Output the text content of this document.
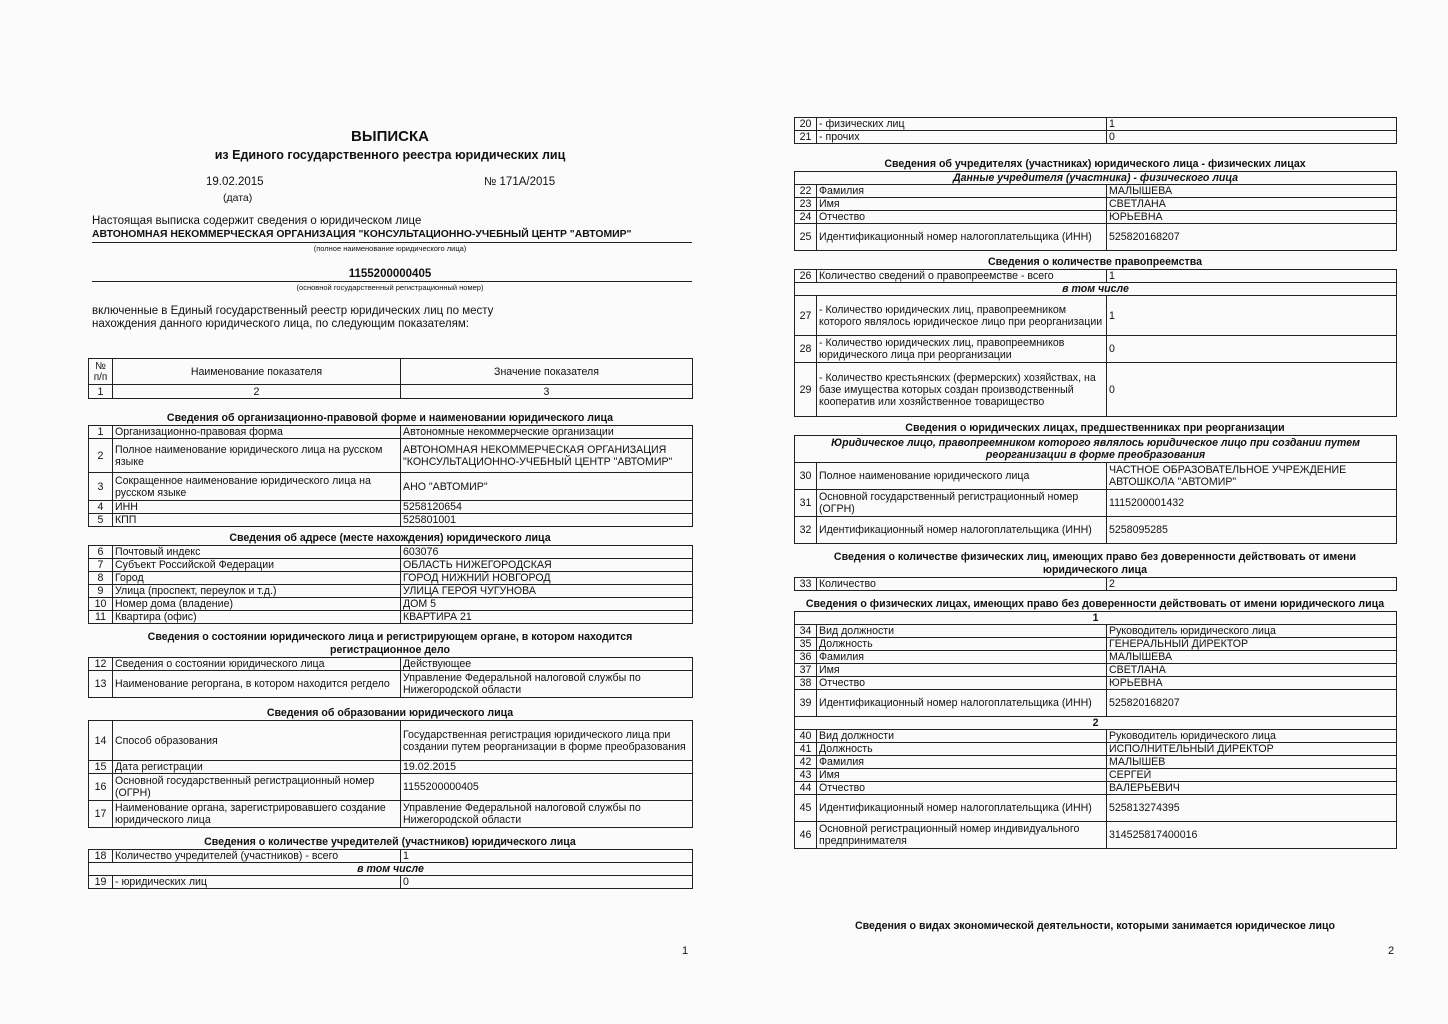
ВЫПИСКА
из Единого государственного реестра юридических лиц
19.02.2015
(дата)
№ 171А/2015
Настоящая выписка содержит сведения о юридическом лице
АВТОНОМНАЯ НЕКОММЕРЧЕСКАЯ ОРГАНИЗАЦИЯ "КОНСУЛЬТАЦИОННО-УЧЕБНЫЙ ЦЕНТР "АВТОМИР"
(полное наименование юридического лица)
1155200000405
(основной государственный регистрационный номер)
включенные в Единый государственный реестр юридических лиц по месту
нахождения данного юридического лица, по следующим показателям:
№
п/п	Наименование показателя	Значение показателя
1	2	3
Сведения об организационно-правовой форме и наименовании юридического лица
1	Организационно-правовая форма	Автономные некоммерческие организации
2	Полное наименование юридического лица на русском языке	АВТОНОМНАЯ НЕКОММЕРЧЕСКАЯ ОРГАНИЗАЦИЯ "КОНСУЛЬТАЦИОННО-УЧЕБНЫЙ ЦЕНТР "АВТОМИР"
3	Сокращенное наименование юридического лица на русском языке	АНО "АВТОМИР"
4	ИНН	5258120654
5	КПП	525801001
Сведения об адресе (месте нахождения) юридического лица
6	Почтовый индекс	603076
7	Субъект Российской Федерации	ОБЛАСТЬ НИЖЕГОРОДСКАЯ
8	Город	ГОРОД НИЖНИЙ НОВГОРОД
9	Улица (проспект, переулок и т.д.)	УЛИЦА ГЕРОЯ ЧУГУНОВА
10	Номер дома (владение)	ДОМ 5
11	Квартира (офис)	КВАРТИРА 21
Сведения о состоянии юридического лица и регистрирующем органе, в котором находится регистрационное дело
12	Сведения о состоянии юридического лица	Действующее
13	Наименование регоргана, в котором находится регдело	Управление Федеральной налоговой службы по Нижегородской области
Сведения об образовании юридического лица
14	Способ образования	Государственная регистрация юридического лица при создании путем реорганизации в форме преобразования
15	Дата регистрации	19.02.2015
16	Основной государственный регистрационный номер (ОГРН)	1155200000405
17	Наименование органа, зарегистрировавшего создание юридического лица	Управление Федеральной налоговой службы по Нижегородской области
Сведения о количестве учредителей (участников) юридического лица
18	Количество учредителей (участников) - всего	1
в том числе		
19	- юридических лиц	0
1
20	- физических лиц	1
21	- прочих	0
Сведения об учредителях (участниках) юридического лица - физических лицах
Данные учредителя (участника) - физического лица		
22	Фамилия	МАЛЫШЕВА
23	Имя	СВЕТЛАНА
24	Отчество	ЮРЬЕВНА
25	Идентификационный номер налогоплательщика (ИНН)	525820168207
Сведения о количестве правопреемства
26	Количество сведений о правопреемстве - всего	1
в том числе		
27	- Количество юридических лиц, правопреемником которого являлось юридическое лицо при реорганизации	1
28	- Количество юридических лиц, правопреемников юридического лица при реорганизации	0
29	- Количество крестьянских (фермерских) хозяйствах, на базе имущества которых создан производственный кооператив или хозяйственное товарищество	0
Сведения о юридических лицах, предшественниках при реорганизации
Юридическое лицо, правопреемником которого являлось юридическое лицо при создании путем реорганизации в форме преобразования		
30	Полное наименование юридического лица	ЧАСТНОЕ ОБРАЗОВАТЕЛЬНОЕ УЧРЕЖДЕНИЕ АВТОШКОЛА "АВТОМИР"
31	Основной государственный регистрационный номер (ОГРН)	1115200001432
32	Идентификационный номер налогоплательщика (ИНН)	5258095285
Сведения о количестве физических лиц, имеющих право без доверенности действовать от имени юридического лица
33	Количество	2
Сведения о физических лицах, имеющих право без доверенности действовать от имени юридического лица
1		
34	Вид должности	Руководитель юридического лица
35	Должность	ГЕНЕРАЛЬНЫЙ ДИРЕКТОР
36	Фамилия	МАЛЫШЕВА
37	Имя	СВЕТЛАНА
38	Отчество	ЮРЬЕВНА
39	Идентификационный номер налогоплательщика (ИНН)	525820168207
2		
40	Вид должности	Руководитель юридического лица
41	Должность	ИСПОЛНИТЕЛЬНЫЙ ДИРЕКТОР
42	Фамилия	МАЛЫШЕВ
43	Имя	СЕРГЕЙ
44	Отчество	ВАЛЕРЬЕВИЧ
45	Идентификационный номер налогоплательщика (ИНН)	525813274395
46	Основной регистрационный номер индивидуального предпринимателя	314525817400016
Сведения о видах экономической деятельности, которыми занимается юридическое лицо
2
